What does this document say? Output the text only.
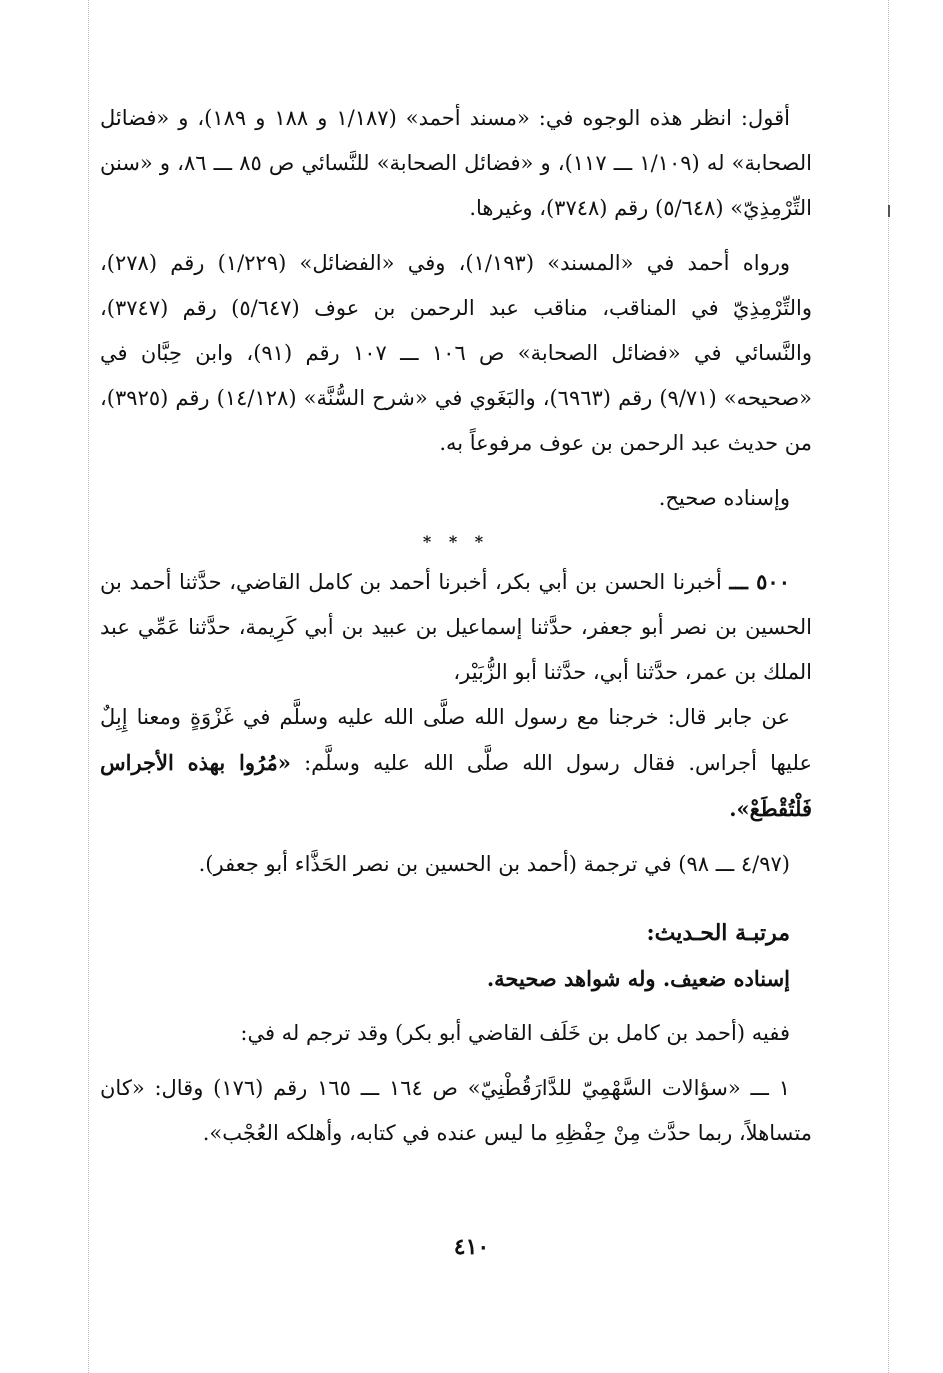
أقول: انظر هذه الوجوه في: «مسند أحمد» (١/١٨٧ و ١٨٨ و ١٨٩)، و «فضائل الصحابة» له (١/١٠٩ ـــ ١١٧)، و «فضائل الصحابة» للنَّسائي ص ٨٥ ـــ ٨٦، و «سنن التِّرْمِذِيّ» (٥/٦٤٨) رقم (٣٧٤٨)، وغيرها.

ورواه أحمد في «المسند» (١/١٩٣)، وفي «الفضائل» (١/٢٢٩) رقم (٢٧٨)، والتِّرْمِذِيّ في المناقب، مناقب عبد الرحمن بن عوف (٥/٦٤٧) رقم (٣٧٤٧)، والنَّسائي في «فضائل الصحابة» ص ١٠٦ ـــ ١٠٧ رقم (٩١)، وابن حِبَّان في «صحيحه» (٩/٧١) رقم (٦٩٦٣)، والبَغَوي في «شرح السُّنَّة» (١٤/١٢٨) رقم (٣٩٢٥)، من حديث عبد الرحمن بن عوف مرفوعاً به.

وإسناده صحيح.

* * *

٥٠٠ ـــ أخبرنا الحسن بن أبي بكر، أخبرنا أحمد بن كامل القاضي، حدَّثنا أحمد بن الحسين بن نصر أبو جعفر، حدَّثنا إسماعيل بن عبيد بن أبي كَرِيمة، حدَّثنا عَمِّي عبد الملك بن عمر، حدَّثنا أبي، حدَّثنا أبو الزُّبَيْر،

عن جابر قال: خرجنا مع رسول الله صلَّى الله عليه وسلَّم في غَزْوَةٍ ومعنا إِبِلٌ عليها أجراس. فقال رسول الله صلَّى الله عليه وسلَّم: «مُرُوا بهذه الأجراس فَلْتُقْطَعْ».

(٤/٩٧ ـــ ٩٨) في ترجمة (أحمد بن الحسين بن نصر الحَذَّاء أبو جعفر).

مرتبـة الحـديث:

إسناده ضعيف. وله شواهد صحيحة.

ففيه (أحمد بن كامل بن خَلَف القاضي أبو بكر) وقد ترجم له في:

١ ـــ «سؤالات السَّهْمِيّ للدَّارَقُطْنِيّ» ص ١٦٤ ـــ ١٦٥ رقم (١٧٦) وقال: «كان متساهلاً، ربما حدَّث مِنْ حِفْظِهِ ما ليس عنده في كتابه، وأهلكه العُجْب».

٤١٠
